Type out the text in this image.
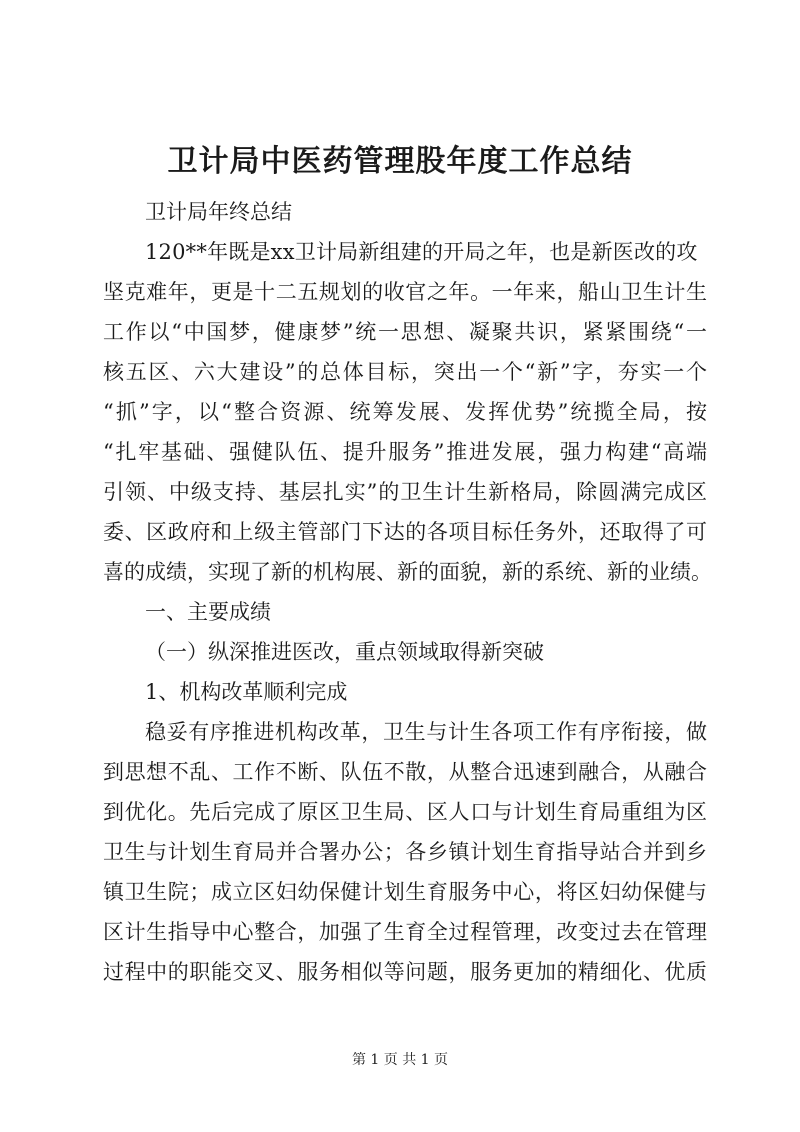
卫计局中医药管理股年度工作总结
卫计局年终总结
120**年既是xx卫计局新组建的开局之年，也是新医改的攻
坚克难年，更是十二五规划的收官之年。一年来，船山卫生计生
工作以“中国梦，健康梦”统一思想、凝聚共识，紧紧围绕“一
核五区、六大建设”的总体目标，突出一个“新”字，夯实一个
“抓”字，以“整合资源、统筹发展、发挥优势”统揽全局，按
“扎牢基础、强健队伍、提升服务”推进发展，强力构建“高端
引领、中级支持、基层扎实”的卫生计生新格局，除圆满完成区
委、区政府和上级主管部门下达的各项目标任务外，还取得了可
喜的成绩，实现了新的机构展、新的面貌，新的系统、新的业绩。
一、主要成绩
（一）纵深推进医改，重点领域取得新突破
1、机构改革顺利完成
稳妥有序推进机构改革，卫生与计生各项工作有序衔接，做
到思想不乱、工作不断、队伍不散，从整合迅速到融合，从融合
到优化。先后完成了原区卫生局、区人口与计划生育局重组为区
卫生与计划生育局并合署办公；各乡镇计划生育指导站合并到乡
镇卫生院；成立区妇幼保健计划生育服务中心，将区妇幼保健与
区计生指导中心整合，加强了生育全过程管理，改变过去在管理
过程中的职能交叉、服务相似等问题，服务更加的精细化、优质
第 1 页 共 1 页
